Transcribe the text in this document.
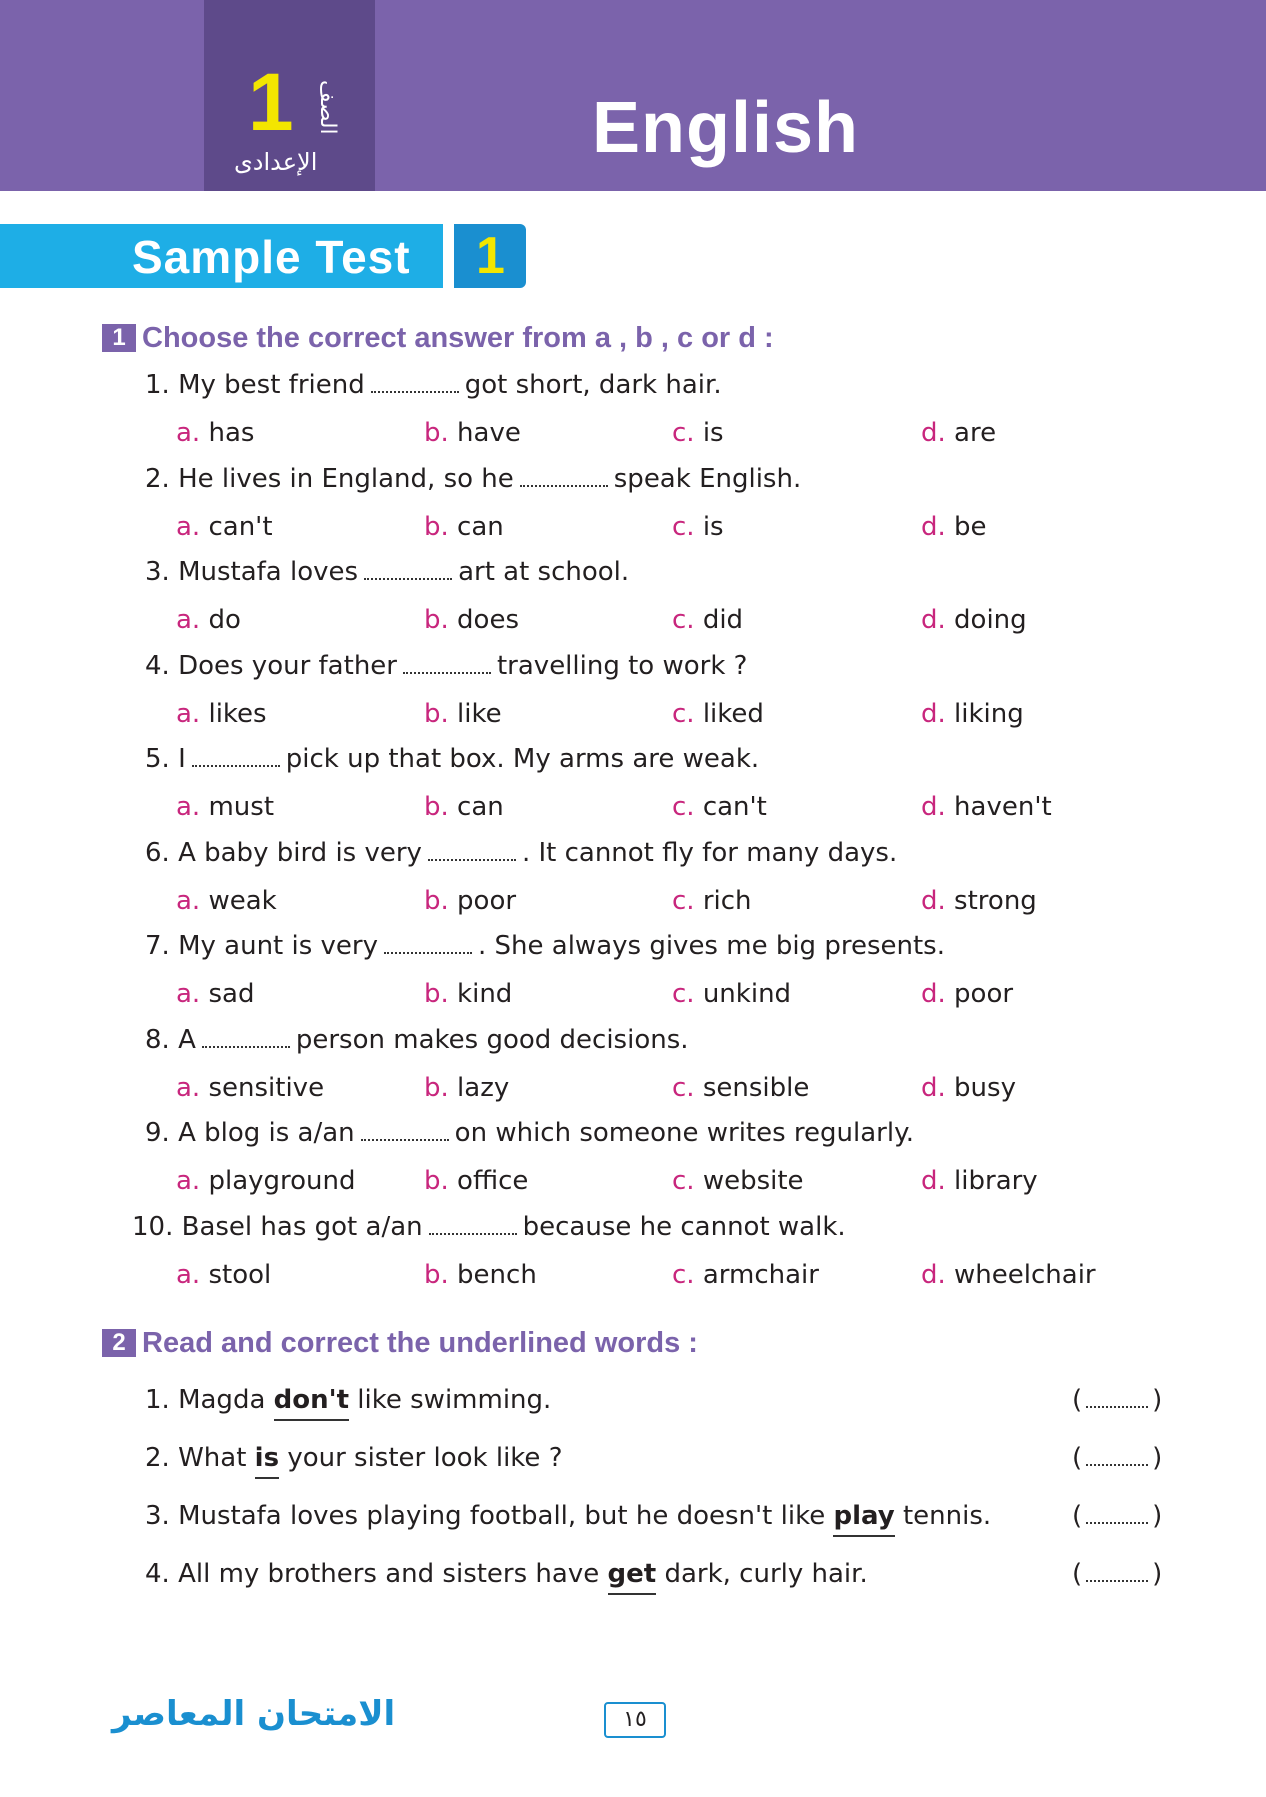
1 الصف
الإعدادى	English
Sample Test 1
1 Choose the correct answer from a , b , c or d :
1. My best friend	got short, dark hair.
a. has	b. have	c. is	d. are
2. He lives in England, so he	speak English.
a. can't	b. can	c. is	d. be
3. Mustafa loves	art at school.
a. do	b. does	c. did	d. doing
4. Does your father	travelling to work ?
a. likes	b. like	c. liked	d. liking
5. I	pick up that box. My arms are weak.
a. must	b. can	c. can't	d. haven't
6. A baby bird is very	. It cannot fly for many days.
a. weak	b. poor	c. rich	d. strong
7. My aunt is very	. She always gives me big presents.
a. sad	b. kind	c. unkind	d. poor
8. A	person makes good decisions.
a. sensitive	b. lazy	c. sensible	d. busy
9. A blog is a/an	on which someone writes regularly.
a. playground	b. office	c. website	d. library
10. Basel has got a/an	because he cannot walk.
a. stool	b. bench	c. armchair	d. wheelchair
2 Read and correct the underlined words :
1. Magda don't like swimming.	(	)
2. What is your sister look like ?	(	)
3. Mustafa loves playing football, but he doesn't like play tennis.	(	)
4. All my brothers and sisters have get dark, curly hair.	(	)
الامتحان المعاصر	١٥
